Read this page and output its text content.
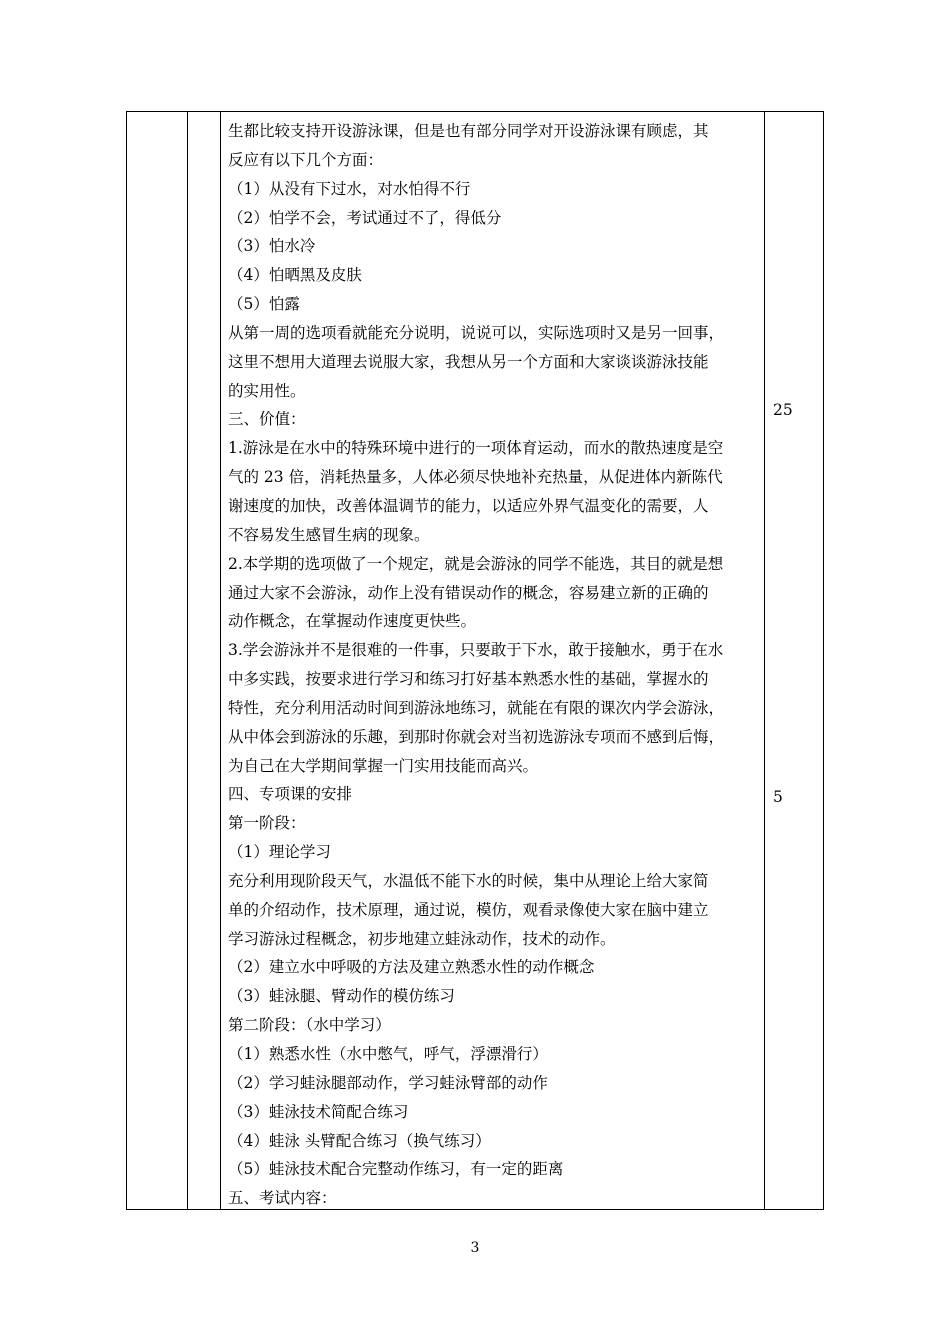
生都比较支持开设游泳课，但是也有部分同学对开设游泳课有顾虑，其
反应有以下几个方面：
（1）从没有下过水，对水怕得不行
（2）怕学不会，考试通过不了，得低分
（3）怕水冷
（4）怕晒黑及皮肤
（5）怕露
从第一周的选项看就能充分说明，说说可以，实际选项时又是另一回事，
这里不想用大道理去说服大家，我想从另一个方面和大家谈谈游泳技能
的实用性。
三、价值：
1.游泳是在水中的特殊环境中进行的一项体育运动，而水的散热速度是空
气的 23 倍，消耗热量多，人体必须尽快地补充热量，从促进体内新陈代
谢速度的加快，改善体温调节的能力，以适应外界气温变化的需要，人
不容易发生感冒生病的现象。
2.本学期的选项做了一个规定，就是会游泳的同学不能选，其目的就是想
通过大家不会游泳，动作上没有错误动作的概念，容易建立新的正确的
动作概念，在掌握动作速度更快些。
3.学会游泳并不是很难的一件事，只要敢于下水，敢于接触水，勇于在水
中多实践，按要求进行学习和练习打好基本熟悉水性的基础，掌握水的
特性，充分利用活动时间到游泳地练习，就能在有限的课次内学会游泳，
从中体会到游泳的乐趣，到那时你就会对当初选游泳专项而不感到后悔，
为自己在大学期间掌握一门实用技能而高兴。
四、专项课的安排
第一阶段：
（1）理论学习
充分利用现阶段天气，水温低不能下水的时候，集中从理论上给大家简
单的介绍动作，技术原理，通过说，模仿，观看录像使大家在脑中建立
学习游泳过程概念，初步地建立蛙泳动作，技术的动作。
（2）建立水中呼吸的方法及建立熟悉水性的动作概念
（3）蛙泳腿、臂动作的模仿练习
第二阶段：（水中学习）
（1）熟悉水性（水中憋气，呼气，浮漂滑行）
（2）学习蛙泳腿部动作，学习蛙泳臂部的动作
（3）蛙泳技术简配合练习
（4）蛙泳 头臂配合练习（换气练习）
（5）蛙泳技术配合完整动作练习，有一定的距离
五、考试内容：
25
5
3
